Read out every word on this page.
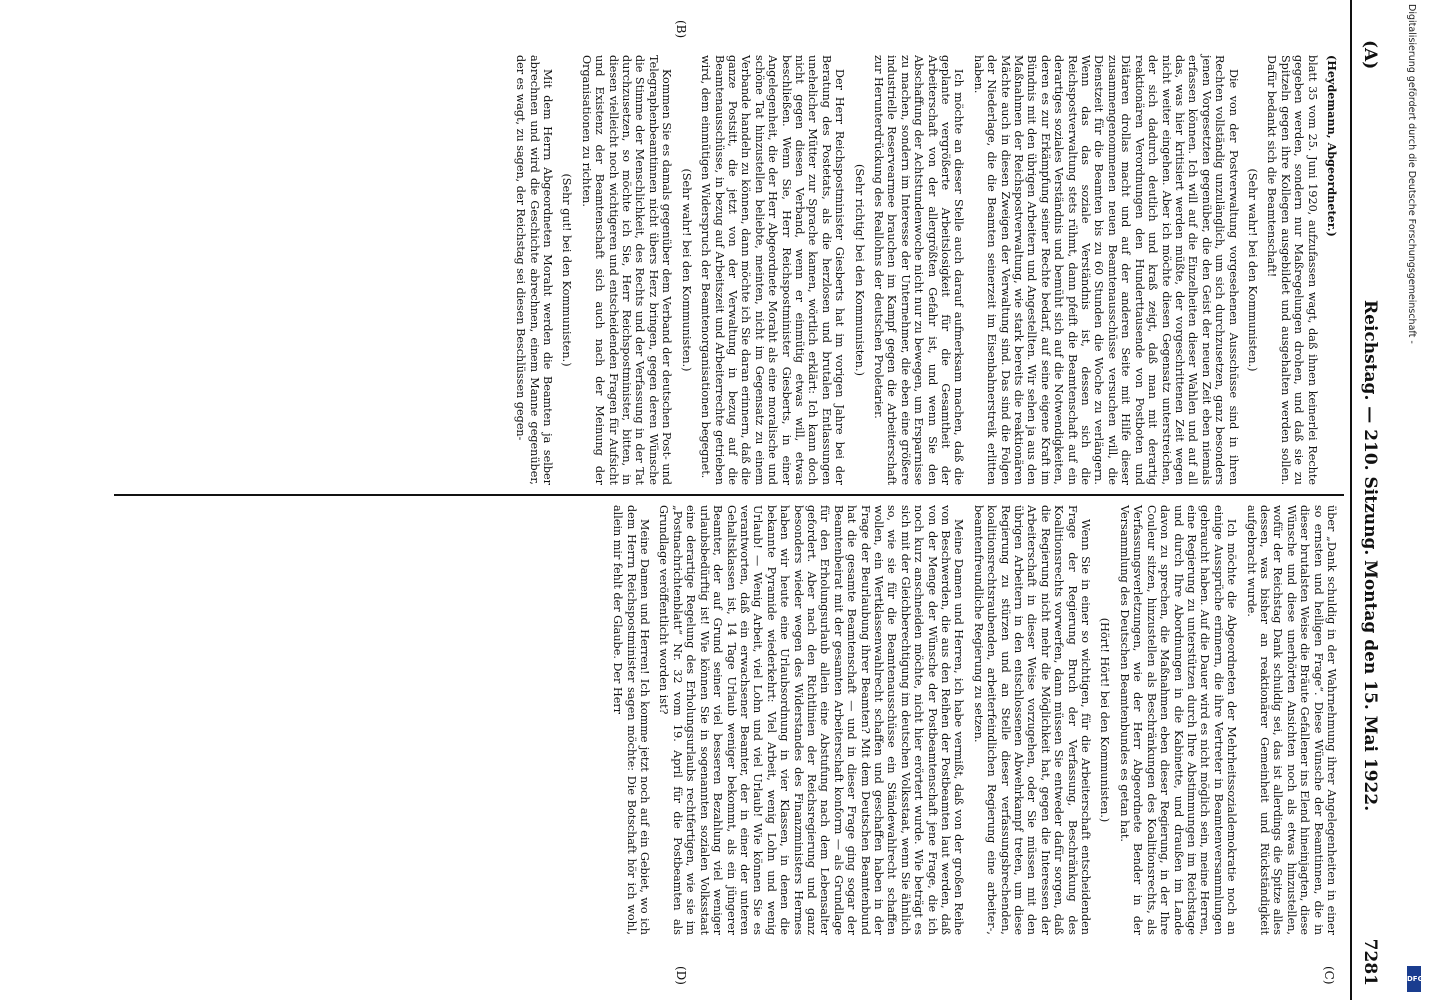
(A)
Reichstag. — 210. Sitzung.
Montag den 15. Mai 1922.
7281
(B)
(C)
(D)

(Heydemann, Abgeordneter.)

blatt 35 vom 25. Juni 1920, aufzufassen wagt, daß ihnen keinerlei Rechte gegeben werden, sondern nur Maßregelungen drohen, und daß sie zu Spitzeln gegen ihre Kollegen ausgebildet und ausgehalten werden sollen. Dafür bedankt sich die Beamtenschaft!

(Sehr wahr! bei den Kommunisten.)

Die von der Postverwaltung vorgesehenen Ausschüsse sind in ihren Rechten vollständig unzulänglich, um sich durchzusetzen, ganz besonders jenen Vorgesetzten gegenüber, die den Geist der neuen Zeit eben niemals erfassen können. Ich will auf die Einzelheiten dieser Wahlen und auf all das, was hier kritisiert werden müßte, der vorgeschrittenen Zeit wegen nicht weiter eingehen. Aber ich möchte diesen Gegensatz unterstreichen, der sich dadurch deutlich und kraß zeigt, daß man mit derartig reaktionären Verordnungen den Hunderttausende von Postboten und Diätaren drollas macht und auf der anderen Seite mit Hilfe dieser zusammengenommenen neuen Beamtenausschüsse versuchen will, die Dienstzeit für die Beamten bis zu 60 Stunden die Woche zu verlängern. Wenn das das soziale Verständnis ist, dessen sich die Reichspostverwaltung stets rühmt, dann pfeift die Beamtenschaft auf ein derartiges soziales Verständnis und bemüht sich auf die Notwendigkeiten, deren es zur Erkämpfung seiner Rechte bedarf, auf seine eigene Kraft im Bündnis mit den übrigen Arbeitern und Angestellten. Wir sehen ja aus den Maßnahmen der Reichspostverwaltung, wie stark bereits die reaktionären Mächte auch in diesen Zweigen der Verwaltung sind. Das sind die Folgen der Niederlage, die die Beamten seinerzeit im Eisenbahnerstreik erlitten haben.

Ich möchte an dieser Stelle auch darauf aufmerksam machen, daß die geplante vergrößerte Arbeitslosigkeit für die Gesamtheit der Arbeiterschaft von der allergrößten Gefahr ist, und wenn Sie den Abschaffung der Achtstundenwoche nicht nur zu bewegen, um Ersparnisse zu machen, sondern im Interesse der Unternehmer, die eben eine größere industrielle Reservearmee brauchen im Kampf gegen die Arbeiterschaft zur Herunterdrückung des Reallohns der deutschen Proletarier.

(Sehr richtig! bei den Kommunisten.)

Der Herr Reichspostminister Giesberts hat im vorigen Jahre bei der Beratung des Postetats, als die herzlosen und brutalen Entlassungen unehelicher Mütter zur Sprache kamen, wörtlich erklärt: Ich kann doch nicht gegen diesen Verband, wenn er einmütig etwas will, etwas beschließen. Wenn Sie, Herr Reichspostminister Giesberts, in einer Angelegenheit, die der Herr Abgeordnete Moraht als eine moralische und schöne Tat hinzustellen beliebte, meinten, nicht im Gegensatz zu einem Verbande handeln zu können, dann möchte ich Sie daran erinnern, daß die ganze Postsitt, die jetzt von der Verwaltung in bezug auf die Beamtenausschüsse, in bezug auf Arbeitszeit und Arbeiterrechte getrieben wird, dem einmütigen Widerspruch der Beamtenorganisationen begegnet.

(Sehr wahr! bei den Kommunisten.)

Kommen Sie es damals gegenüber dem Verband der deutschen Post- und Telegraphenbeamtinnen nicht übers Herz bringen, gegen deren Wünsche die Stimme der Menschlichkeit, des Rechts und der Verfassung in der Tat durchzusetzen, so möchte ich Sie, Herr Reichspostminister, bitten, in diesen vielleicht noch wichtigeren und entscheidenden Fragen für Aufsicht und Existenz der Beamtenschaft sich auch nach der Meinung der Organisationen zu richten.

(Sehr gut! bei den Kommunisten.)

Mit dem Herrn Abgeordneten Moraht werden die Beamten ja selber abrechnen und wird die Geschichte abrechnen, einem Manne gegenüber, der es wagt, zu sagen, der Reichstag sei diesen Beschlüssen gegen-

über „Dank schuldig in der Wahrnehmung ihrer Angelegenheiten in einer so ernsten und heiligen Frage“. Diese Wünsche der Beamtinnen, die in dieser brutalsten Weise die Bräute Gefallener ins Elend hineinjagten, diese Wünsche und diese unerhörten Ansichten noch als etwas hinzustellen, wofür der Reichstag Dank schuldig sei, das ist allerdings die Spitze alles dessen, was bisher an reaktionärer Gemeinheit und Rückständigkeit aufgebracht wurde.

Ich möchte die Abgeordneten der Mehrheitssozialdemokratie noch an einige Aussprüche erinnern, die ihre Vertreter in Beamtenversammlungen gebraucht haben. Auf die Dauer wird es nicht möglich sein, meine Herren, eine Regierung zu unterstützen durch Ihre Abstimmungen im Reichstage und durch Ihre Abordnungen in die Kabinette, und draußen im Lande davon zu sprechen, die Maßnahmen eben dieser Regierung, in der Ihre Couleur sitzen, hinzustellen als Beschränkungen des Koalitionsrechts, als Verfassungsverletzungen, wie der Herr Abgeordnete Bender in der Versammlung des Deutschen Beamtenbundes es getan hat.

(Hört! Hört! bei den Kommunisten.)

Wenn Sie in einer so wichtigen, für die Arbeiterschaft entscheidenden Frage der Regierung Bruch der Verfassung, Beschränkung des Koalitionsrechts vorwerfen, dann müssen Sie entweder dafür sorgen, daß die Regierung nicht mehr die Möglichkeit hat, gegen die Interessen der Arbeiterschaft in dieser Weise vorzugehen, oder Sie müssen mit den übrigen Arbeitern in den entschlossenen Abwehrkampf treten, um diese Regierung zu stürzen und an Stelle dieser verfassungsbrechenden, koalitionsrechtsraubenden, arbeiterfeindlichen Regierung eine arbeiter-, beamtenfreundliche Regierung zu setzen.

Meine Damen und Herren, ich habe vermißt, daß von der großen Reihe von Beschwerden, die aus den Reihen der Postbeamten laut werden, daß von der Menge der Wünsche der Postbeamtenschaft jene Frage, die ich noch kurz anschneiden möchte, nicht hier erörtert wurde. Wie beträgt es sich mit der Gleichberechtigung im deutschen Volksstaat, wenn Sie ähnlich so, wie sie für die Beamtenausschüsse ein Ständewahlrecht schaffen wollen, ein Wertklassenwahlrecht schaffen und geschaffen haben in der Frage der Beurlaubung ihrer Beamten? Mit dem Deutschen Beamtenbund hat die gesamte Beamtenschaft — und in dieser Frage ging sogar der Beamtenbeirat mit der gesamten Arbeiterschaft konform — als Grundlage für den Erholungsurlaub allein eine Abstufung nach dem Lebensalter gefordert. Aber nach den Richtlinien der Reichsregierung und ganz besonders wieder wegen des Widerstandes des Finanzministers Hermes haben wir heute eine Urlaubsordnung in vier Klassen, in denen die bekannte Pyramide wiederkehrt: Viel Arbeit, wenig Lohn und wenig Urlaub! — Wenig Arbeit, viel Lohn und viel Urlaub! Wie können Sie es verantworten, daß ein erwachsener Beamter, der in einer der unteren Gehaltsklassen ist, 14 Tage Urlaub weniger bekommt, als ein jüngerer Beamter, der auf Grund seiner viel besseren Bezahlung viel weniger urlaubsbedürftig ist! Wie können Sie in sogenannten sozialen Volksstaat eine derartige Regelung des Erholungsurlaubs rechtfertigen, wie sie im „Postnachrichtenblatt“ Nr. 32 vom 19. April für die Postbeamten als Grundlage veröffentlicht worden ist?

Meine Damen und Herren! Ich komme jetzt noch auf ein Gebiet, wo ich dem Herrn Reichspostminister sagen möchte: Die Botschaft hör ich wohl, allein mir fehlt der Glaube. Der Herr

Digitalisierung gefördert durch die Deutsche Forschungsgemeinschaft -
DFG
